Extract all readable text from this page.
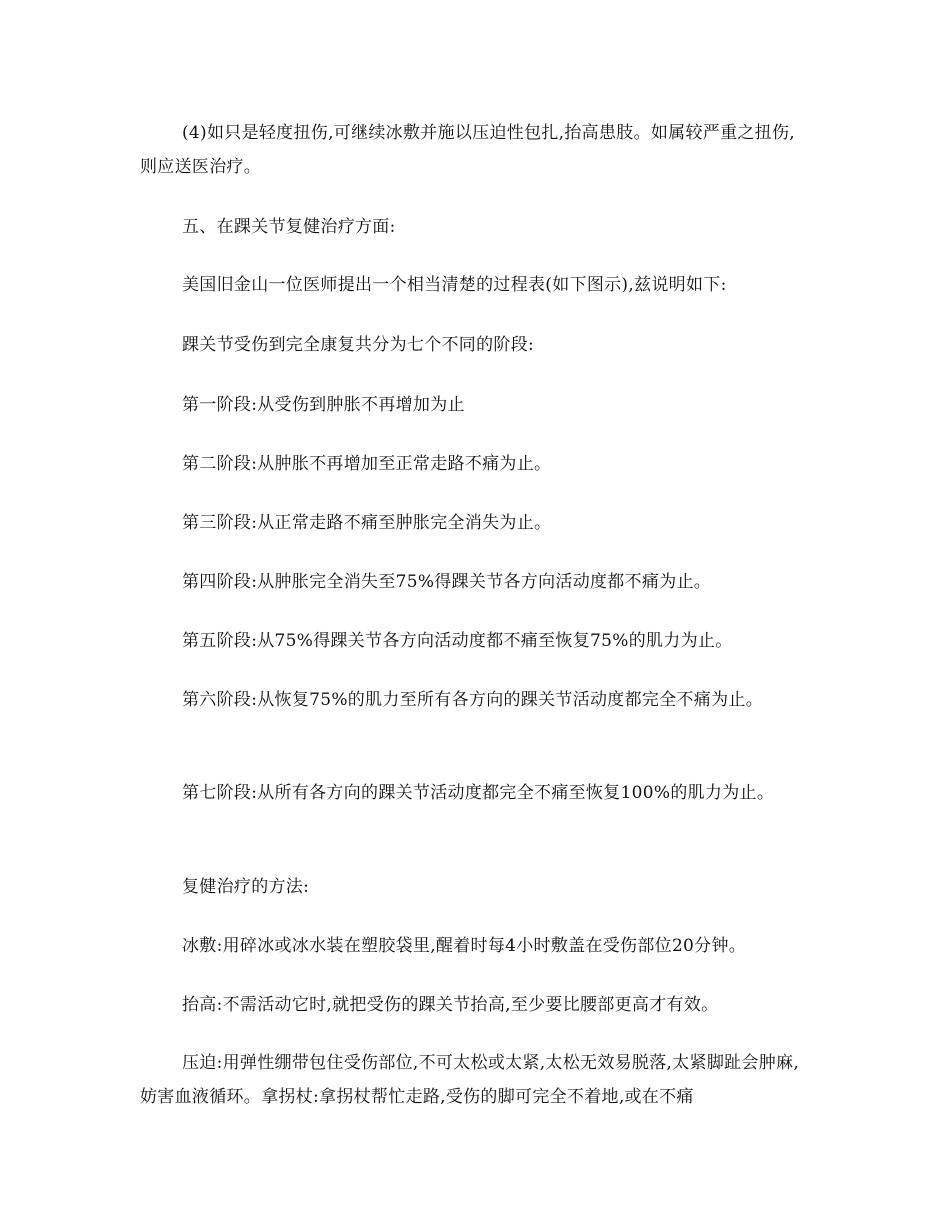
(4)如只是轻度扭伤,可继续冰敷并施以压迫性包扎,抬高患肢。如属较严重之扭伤,则应送医治疗。

五、在踝关节复健治疗方面:

美国旧金山一位医师提出一个相当清楚的过程表(如下图示),兹说明如下:

踝关节受伤到完全康复共分为七个不同的阶段:

第一阶段:从受伤到肿胀不再增加为止

第二阶段:从肿胀不再增加至正常走路不痛为止。

第三阶段:从正常走路不痛至肿胀完全消失为止。

第四阶段:从肿胀完全消失至75%得踝关节各方向活动度都不痛为止。

第五阶段:从75%得踝关节各方向活动度都不痛至恢复75%的肌力为止。

第六阶段:从恢复75%的肌力至所有各方向的踝关节活动度都完全不痛为止。

第七阶段:从所有各方向的踝关节活动度都完全不痛至恢复100%的肌力为止。

复健治疗的方法:

冰敷:用碎冰或冰水装在塑胶袋里,醒着时每4小时敷盖在受伤部位20分钟。

抬高:不需活动它时,就把受伤的踝关节抬高,至少要比腰部更高才有效。

压迫:用弹性绷带包住受伤部位,不可太松或太紧,太松无效易脱落,太紧脚趾会肿麻,妨害血液循环。拿拐杖:拿拐杖帮忙走路,受伤的脚可完全不着地,或在不痛
